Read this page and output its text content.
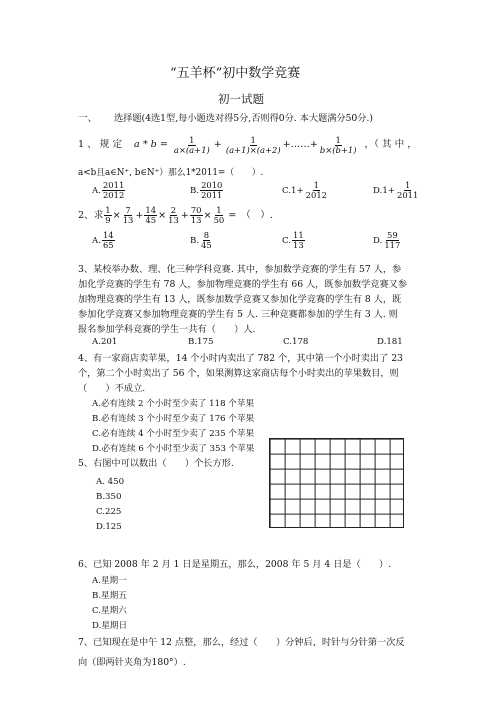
“五羊杯”初中数学竞赛
初一试题
一、 选择题(4选1型,每小题选对得5分,否则得0分. 本大题满分50分.)
1 、 规 定 $a * b = \frac{1}{a\times(a+1)} + \frac{1}{(a+1)\times(a+2)}$ +……+ $\frac{1}{b\times(b+1)}$ ，（ 其 中 ，
a<b且a∈N⁺, b∈N⁺）那么1*2011=（　　）.
A. $\frac{2011}{2012}$	B. $\frac{2010}{2011}$	$C.1+ \frac{1}{2012}$	$D.1+ \frac{1}{2011}$
2、求 $\frac{1}{9} \times \frac{7}{13} + \frac{14}{45} \times \frac{2}{13} + \frac{70}{13} \times \frac{1}{50}$ =　（　）.
A. $\frac{14}{65}$	B. $\frac{8}{45}$	C. $\frac{11}{13}$	D. $\frac{59}{117}$
3、某校举办数、理、化三种学科竞赛. 其中，参加数学竞赛的学生有 57 人，参
加化学竞赛的学生有 78 人，参加物理竞赛的学生有 66 人，既参加数学竞赛又参
加物理竞赛的学生有 13 人，既参加数学竞赛又参加化学竞赛的学生有 8 人，既
参加化学竞赛又参加物理竞赛的学生有 5 人. 三种竞赛都参加的学生有 3 人. 则
报名参加学科竞赛的学生一共有（　　）人.
A.201	B.175	C.178	D.181
4、有一家商店卖苹果，14 个小时内卖出了 782 个，其中第一个小时卖出了 23
个，第二个小时卖出了 56 个，如果测算这家商店每个小时卖出的苹果数目，则
（　　）不成立.
A.必有连续 2 个小时至少卖了 118 个苹果
B.必有连续 3 个小时至少卖了 176 个苹果
C.必有连续 4 个小时至少卖了 235 个苹果
D.必有连续 6 个小时至少卖了 353 个苹果
5、右图中可以数出（　　）个长方形.
A. 450
B.350
C.225
D.125
6、已知 2008 年 2 月 1 日是星期五，那么，2008 年 5 月 4 日是（　　）.
A.星期一
B.星期五
C.星期六
D.星期日
7、已知现在是中午 12 点整，那么，经过（　　）分钟后，时针与分针第一次反
向（即两针夹角为180°）.
